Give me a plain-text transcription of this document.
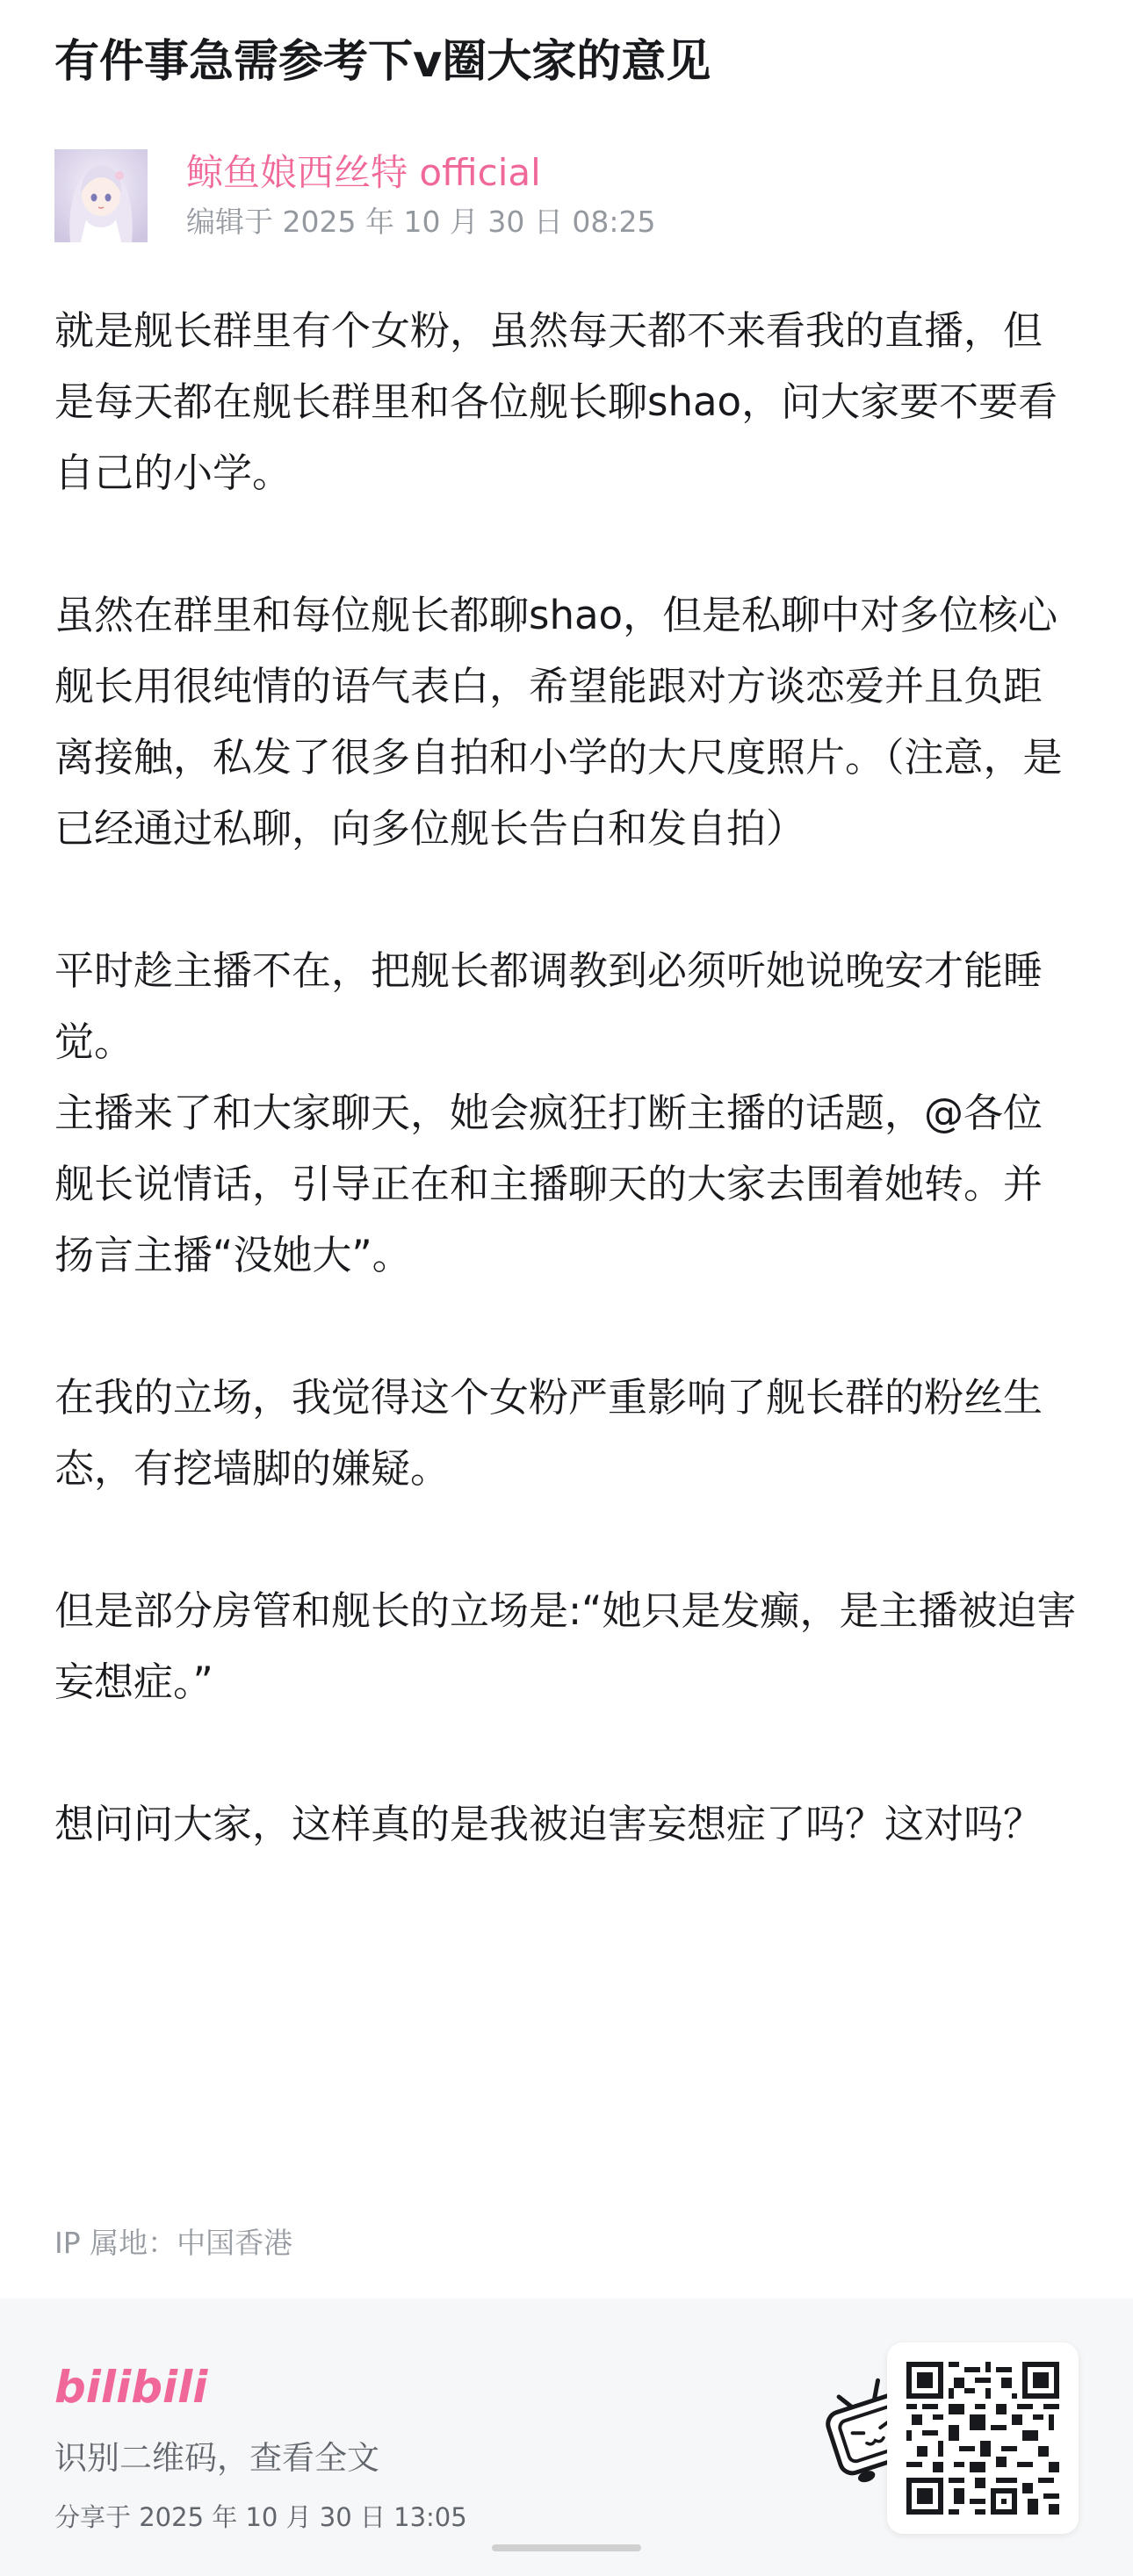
有件事急需参考下v圈大家的意见
鲸鱼娘西丝特 official
编辑于 2025 年 10 月 30 日 08:25

就是舰长群里有个女粉，虽然每天都不来看我的直播，但是每天都在舰长群里和各位舰长聊shao，问大家要不要看自己的小学。

虽然在群里和每位舰长都聊shao，但是私聊中对多位核心舰长用很纯情的语气表白，希望能跟对方谈恋爱并且负距离接触，私发了很多自拍和小学的大尺度照片。（注意，是已经通过私聊，向多位舰长告白和发自拍）

平时趁主播不在，把舰长都调教到必须听她说晚安才能睡觉。

主播来了和大家聊天，她会疯狂打断主播的话题，@各位舰长说情话，引导正在和主播聊天的大家去围着她转。并扬言主播“没她大”。

在我的立场，我觉得这个女粉严重影响了舰长群的粉丝生态，有挖墙脚的嫌疑。

但是部分房管和舰长的立场是:“她只是发癫，是主播被迫害妄想症。”

想问问大家，这样真的是我被迫害妄想症了吗？这对吗？

IP 属地：中国香港
bilibili
识别二维码，查看全文
分享于 2025 年 10 月 30 日 13:05
